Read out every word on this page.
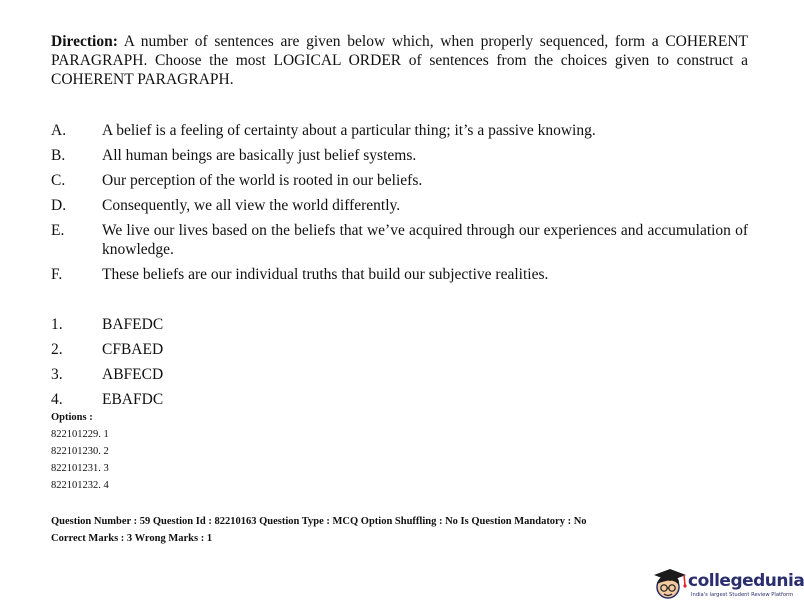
Direction: A number of sentences are given below which, when properly sequenced, form a COHERENT PARAGRAPH. Choose the most LOGICAL ORDER of sentences from the choices given to construct a COHERENT PARAGRAPH.
A. A belief is a feeling of certainty about a particular thing; it’s a passive knowing.
B. All human beings are basically just belief systems.
C. Our perception of the world is rooted in our beliefs.
D. Consequently, we all view the world differently.
E. We live our lives based on the beliefs that we’ve acquired through our experiences and accumulation of knowledge.
F.	These beliefs are our individual truths that build our subjective realities.
1.	BAFEDC
2.	CFBAED
3.	ABFECD
4.	EBAFDC
Options :
822101229. 1
822101230. 2
822101231. 3
822101232. 4
Question Number : 59 Question Id : 82210163 Question Type : MCQ Option Shuffling : No Is Question Mandatory : No
Correct Marks : 3 Wrong Marks : 1
collegedunia
India's largest Student Review Platform
